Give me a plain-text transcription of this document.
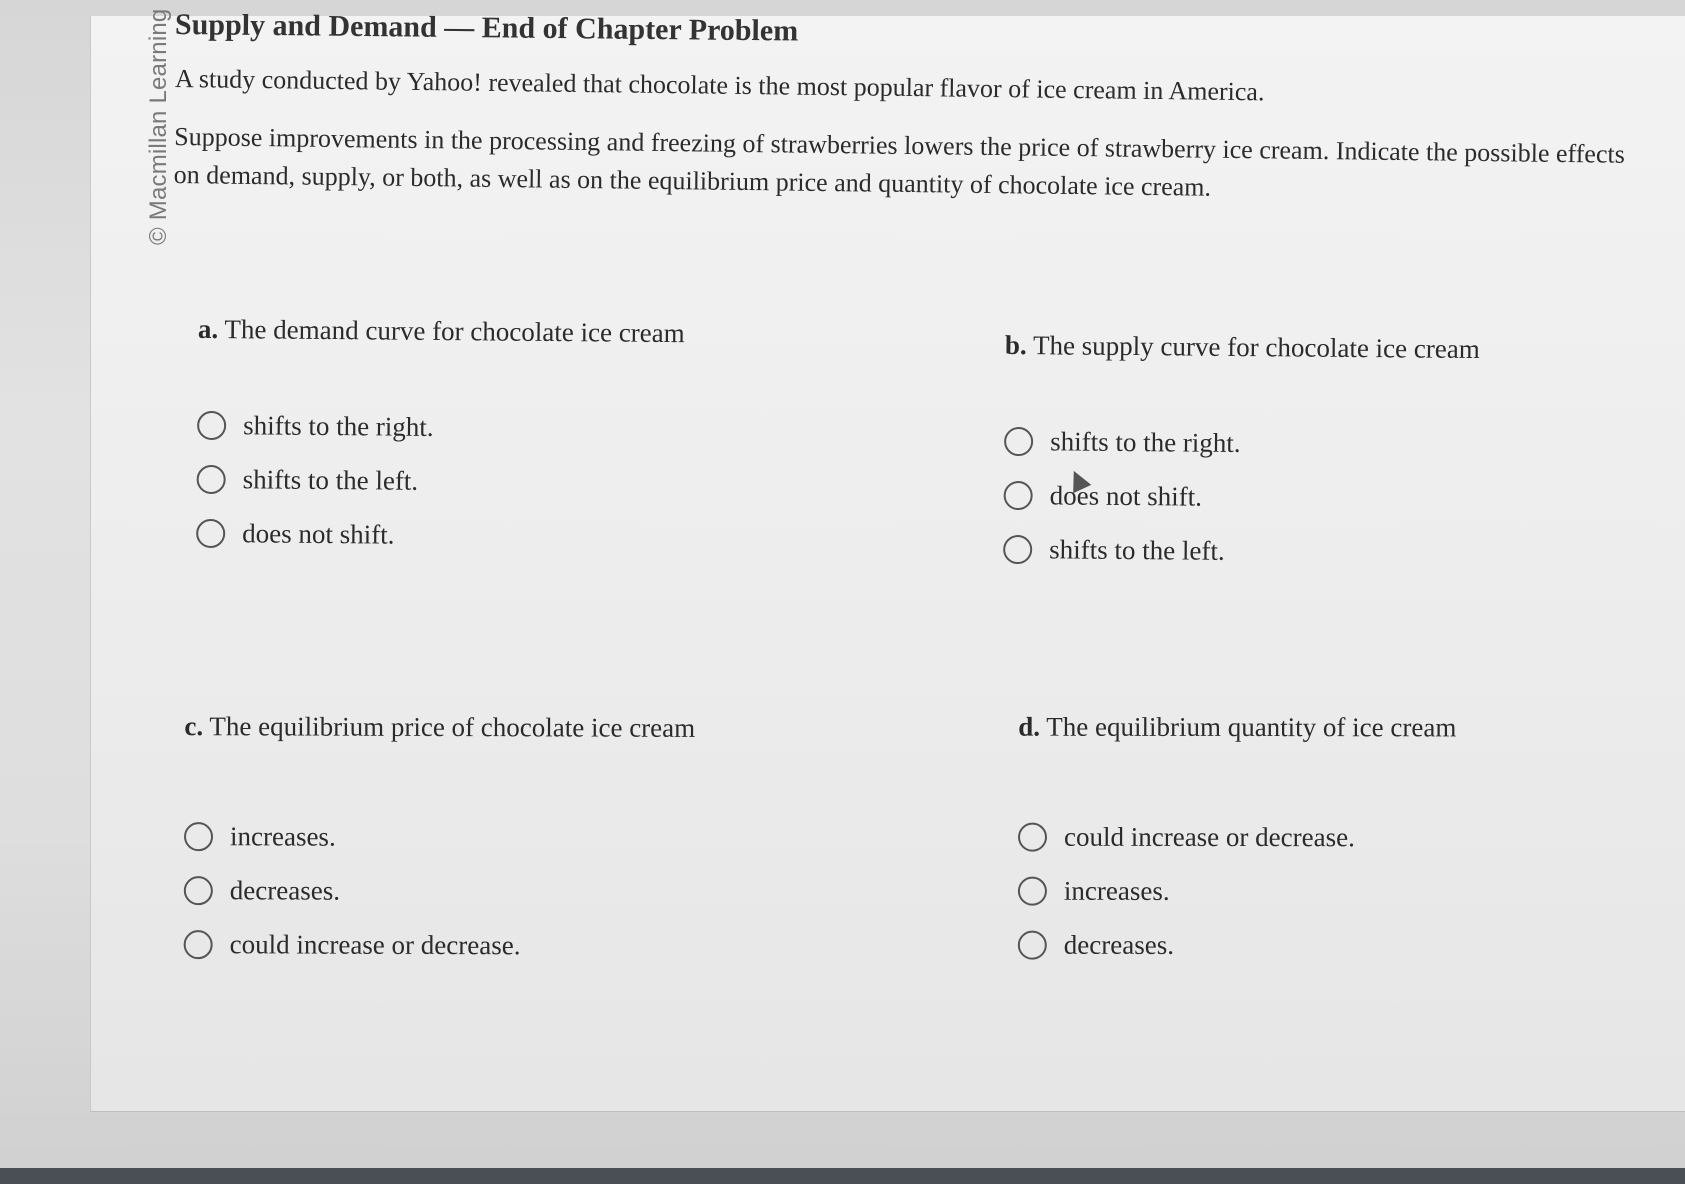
© Macmillan Learning Supply and Demand — End of Chapter Problem

A study conducted by Yahoo! revealed that chocolate is the most popular flavor of ice cream in America.

Suppose improvements in the processing and freezing of strawberries lowers the price of strawberry ice cream. Indicate the possible effects on demand, supply, or both, as well as on the equilibrium price and quantity of chocolate ice cream.

a. The demand curve for chocolate ice cream
shifts to the right.
shifts to the left.
does not shift.
b. The supply curve for chocolate ice cream
shifts to the right.
does not shift.
shifts to the left.
c. The equilibrium price of chocolate ice cream
increases.
decreases.
could increase or decrease.
d. The equilibrium quantity of ice cream
could increase or decrease.
increases.
decreases.
